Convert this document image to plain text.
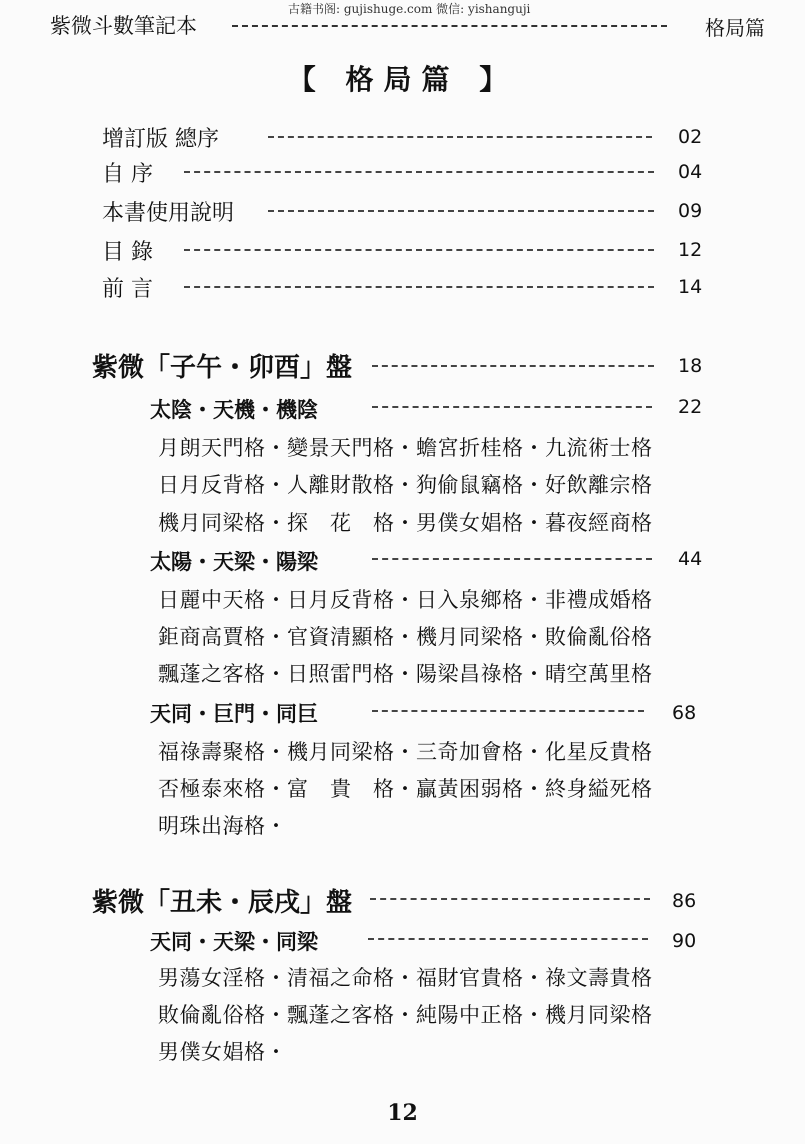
紫微斗數筆記本
古籍书阁: gujishuge.com 微信: yishanguji
格局篇
【 格局篇 】
增訂版 總序	02
自 序	04
本書使用說明	09
目 錄	12
前 言	14
紫微「子午・卯酉」盤	18
太陰・天機・機陰	22
月朗天門格・變景天門格・蟾宮折桂格・九流術士格
日月反背格・人離財散格・狗偷鼠竊格・好飲離宗格
機月同梁格・探　花　格・男僕女娼格・暮夜經商格
太陽・天梁・陽梁	44
日麗中天格・日月反背格・日入泉鄉格・非禮成婚格
鉅商高賈格・官資清顯格・機月同梁格・敗倫亂俗格
飄蓬之客格・日照雷門格・陽梁昌祿格・晴空萬里格
天同・巨門・同巨	68
福祿壽聚格・機月同梁格・三奇加會格・化星反貴格
否極泰來格・富　貴　格・贏黃困弱格・終身縊死格
明珠出海格・
紫微「丑未・辰戌」盤	86
天同・天梁・同梁	90
男蕩女淫格・清福之命格・福財官貴格・祿文壽貴格
敗倫亂俗格・飄蓬之客格・純陽中正格・機月同梁格
男僕女娼格・
12
